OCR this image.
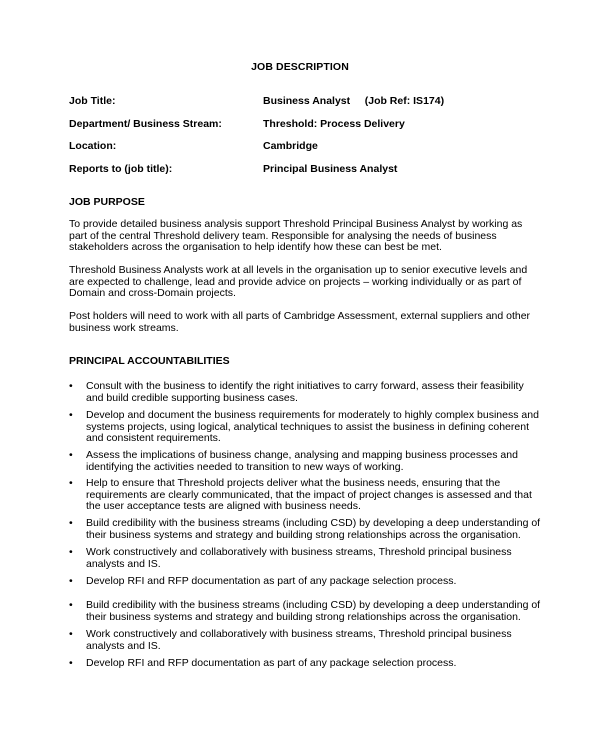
JOB DESCRIPTION
Job Title:	Business Analyst     (Job Ref: IS174)
Department/ Business Stream:	Threshold: Process Delivery
Location:	Cambridge
Reports to (job title):	Principal Business Analyst
JOB PURPOSE
To provide detailed business analysis support Threshold Principal Business Analyst by working as part of the central Threshold delivery team. Responsible for analysing the needs of business stakeholders across the organisation to help identify how these can best be met.
Threshold Business Analysts work at all levels in the organisation up to senior executive levels and are expected to challenge, lead and provide advice on projects – working individually or as part of Domain and cross-Domain projects.
Post holders will need to work with all parts of Cambridge Assessment, external suppliers and other business work streams.
PRINCIPAL ACCOUNTABILITIES
•	Consult with the business to identify the right initiatives to carry forward, assess their feasibility and build credible supporting business cases.
•	Develop and document the business requirements for moderately to highly complex business and systems projects, using logical, analytical techniques to assist the business in defining coherent and consistent requirements.
•	Assess the implications of business change, analysing and mapping business processes and identifying the activities needed to transition to new ways of working.
•	Help to ensure that Threshold projects deliver what the business needs, ensuring that the requirements are clearly communicated, that the impact of project changes is assessed and that the user acceptance tests are aligned with business needs.
•	Build credibility with the business streams (including CSD) by developing a deep understanding of their business systems and strategy and building strong relationships across the organisation.
•	Work constructively and collaboratively with business streams, Threshold principal business analysts and IS.
•	Develop RFI and RFP documentation as part of any package selection process.
•	Build credibility with the business streams (including CSD) by developing a deep understanding of their business systems and strategy and building strong relationships across the organisation.
•	Work constructively and collaboratively with business streams, Threshold principal business analysts and IS.
•	Develop RFI and RFP documentation as part of any package selection process.
